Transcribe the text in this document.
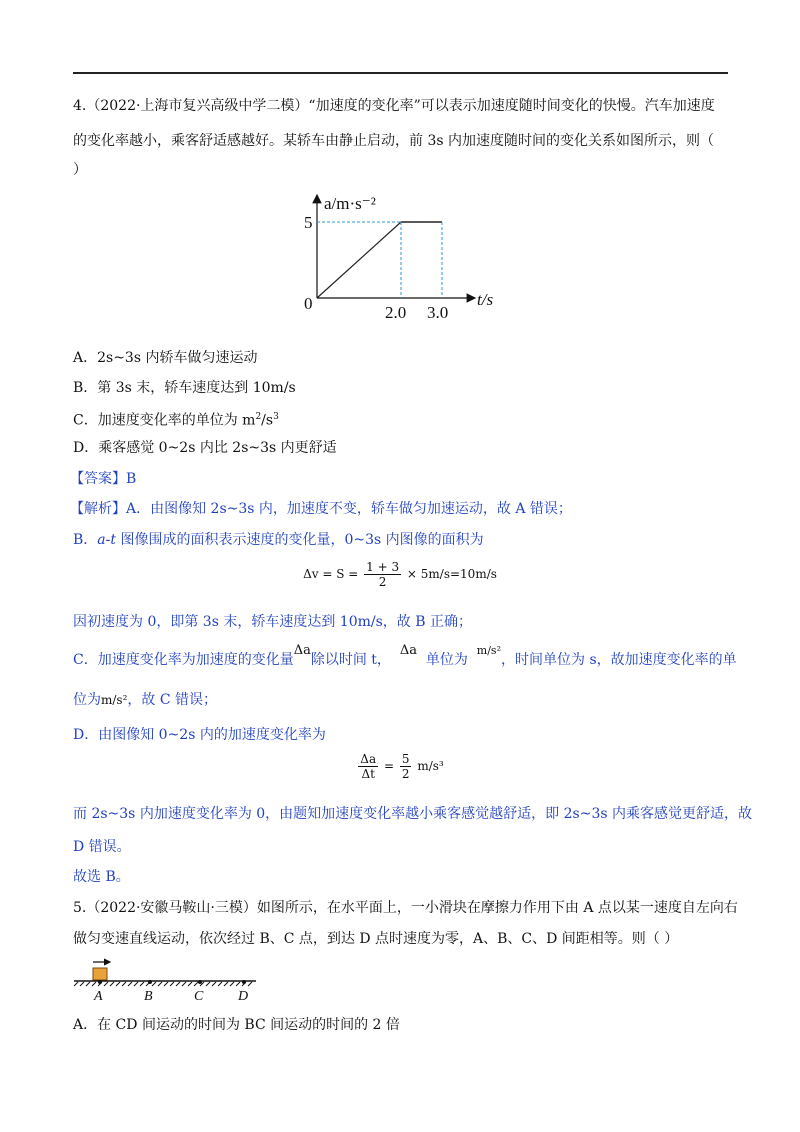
4.（2022·上海市复兴高级中学二模）“加速度的变化率”可以表示加速度随时间变化的快慢。汽车加速度
的变化率越小，乘客舒适感越好。某轿车由静止启动，前 3s 内加速度随时间的变化关系如图所示，则（
）
a/m·s⁻²
5
0	2.0 3.0
t/s
A．2s~3s 内轿车做匀速运动
B．第 3s 末，轿车速度达到 10m/s
C．加速度变化率的单位为 $m^2/s^3$
D．乘客感觉 0~2s 内比 2s~3s 内更舒适
【答案】B
【解析】A．由图像知 2s~3s 内，加速度不变，轿车做匀加速运动，故 A 错误；
B．a-t 图像围成的面积表示速度的变化量，0~3s 内图像的面积为
$\Delta v = S = \frac{1 + 3}{2} \times 5m/s=10m/s$
因初速度为 0，即第 3s 末，轿车速度达到 10m/s，故 B 正确；
C．加速度变化率为加速度的变化量Δa除以时间 t，  Δa  单位为  $^{m/s^2}$，时间单位为 s，故加速度变化率的单
位为m/s²，故 C 错误；
D．由图像知 0~2s 内的加速度变化率为
$\frac{\Delta a}{\Delta t} = \frac{5}{2} m/s^3$
而 2s~3s 内加速度变化率为 0，由题知加速度变化率越小乘客感觉越舒适，即 2s~3s 内乘客感觉更舒适，故
D 错误。
故选 B。
5.（2022·安徽马鞍山·三模）如图所示，在水平面上，一小滑块在摩擦力作用下由 A 点以某一速度自左向右
做匀变速直线运动，依次经过 B、C 点，到达 D 点时速度为零，A、B、C、D 间距相等。则（ ）
A	B	C D
A．在 CD 间运动的时间为 BC 间运动的时间的 2 倍
